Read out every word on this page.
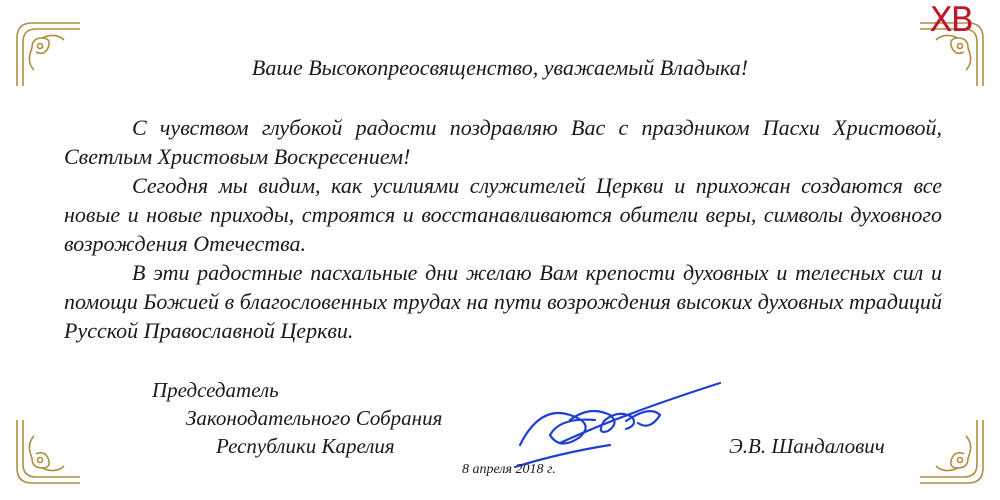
ХВ
Ваше Высокопреосвященство, уважаемый Владыка!

С чувством глубокой радости поздравляю Вас с праздником Пасхи Христовой, Светлым Христовым Воскресением!

Сегодня мы видим, как усилиями служителей Церкви и прихожан создаются все новые и новые приходы, строятся и восстанавливаются обители веры, символы духовного возрождения Отечества.

В эти радостные пасхальные дни желаю Вам крепости духовных и телесных сил и помощи Божией в благословенных трудах на пути возрождения высоких духовных традиций Русской Православной Церкви.

Председатель
Законодательного Собрания
Республики Карелия	Э.В. Шандалович
8 апреля 2018 г.
